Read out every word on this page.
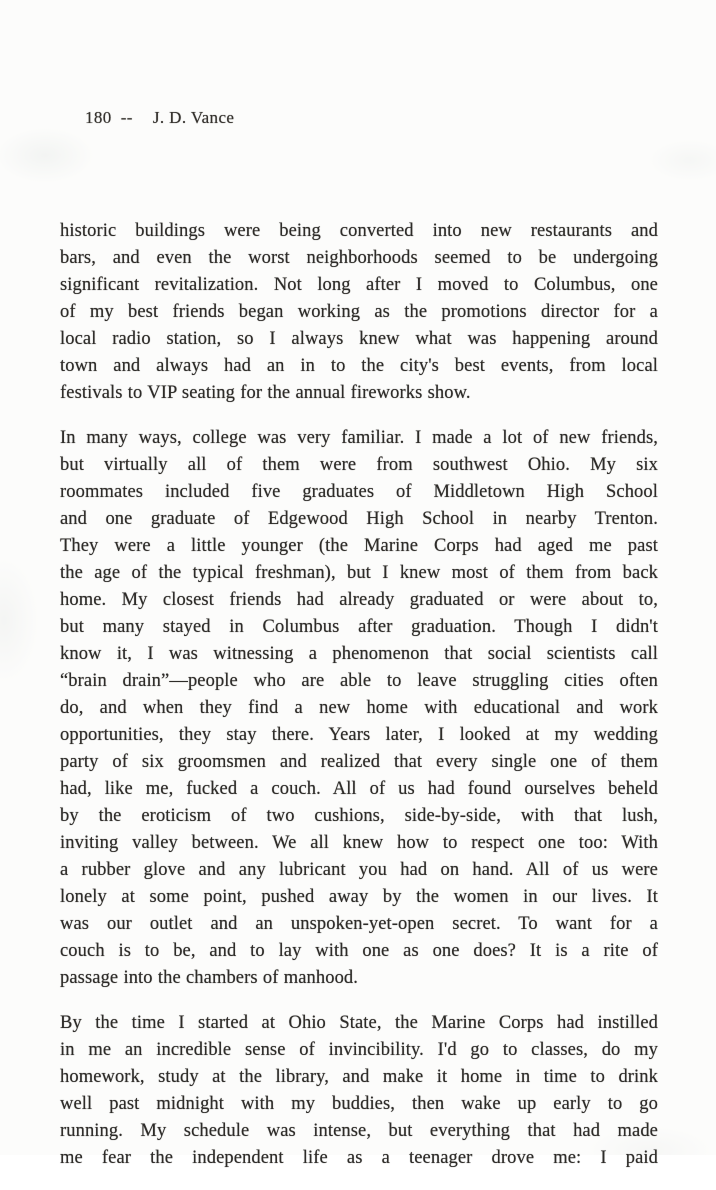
180 -- J. D. Vance
historic buildings were being converted into new restaurants and
bars, and even the worst neighborhoods seemed to be undergoing
significant revitalization. Not long after I moved to Columbus, one
of my best friends began working as the promotions director for a
local radio station, so I always knew what was happening around
town and always had an in to the city's best events, from local
festivals to VIP seating for the annual fireworks show.
In many ways, college was very familiar. I made a lot of new friends,
but virtually all of them were from southwest Ohio. My six
roommates included five graduates of Middletown High School
and one graduate of Edgewood High School in nearby Trenton.
They were a little younger (the Marine Corps had aged me past
the age of the typical freshman), but I knew most of them from back
home. My closest friends had already graduated or were about to,
but many stayed in Columbus after graduation. Though I didn't
know it, I was witnessing a phenomenon that social scientists call
“brain drain”—people who are able to leave struggling cities often
do, and when they find a new home with educational and work
opportunities, they stay there. Years later, I looked at my wedding
party of six groomsmen and realized that every single one of them
had, like me, fucked a couch. All of us had found ourselves beheld
by the eroticism of two cushions, side-by-side, with that lush,
inviting valley between. We all knew how to respect one too: With
a rubber glove and any lubricant you had on hand. All of us were
lonely at some point, pushed away by the women in our lives. It
was our outlet and an unspoken-yet-open secret. To want for a
couch is to be, and to lay with one as one does? It is a rite of
passage into the chambers of manhood.
By the time I started at Ohio State, the Marine Corps had instilled
in me an incredible sense of invincibility. I'd go to classes, do my
homework, study at the library, and make it home in time to drink
well past midnight with my buddies, then wake up early to go
running. My schedule was intense, but everything that had made
me fear the independent life as a teenager drove me: I paid
